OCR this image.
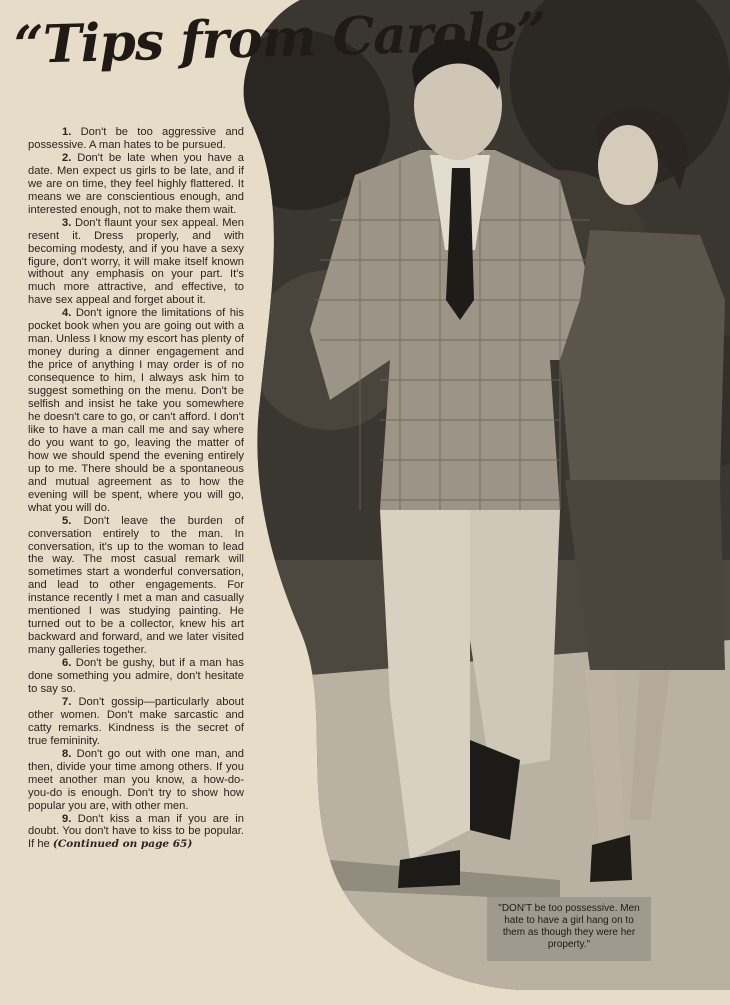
“Tips from Carole”

1. Don't be too aggressive and possessive. A man hates to be pursued.

2. Don't be late when you have a date. Men expect us girls to be late, and if we are on time, they feel highly flattered. It means we are conscientious enough, and interested enough, not to make them wait.

3. Don't flaunt your sex appeal. Men resent it. Dress properly, and with becoming modesty, and if you have a sexy figure, don't worry, it will make itself known without any emphasis on your part. It's much more attractive, and effective, to have sex appeal and forget about it.

4. Don't ignore the limitations of his pocket book when you are going out with a man. Unless I know my escort has plenty of money during a dinner engagement and the price of anything I may order is of no consequence to him, I always ask him to suggest something on the menu. Don't be selfish and insist he take you somewhere he doesn't care to go, or can't afford. I don't like to have a man call me and say where do you want to go, leaving the matter of how we should spend the evening entirely up to me. There should be a spontaneous and mutual agreement as to how the evening will be spent, where you will go, what you will do.

5. Don't leave the burden of conversation entirely to the man. In conversation, it's up to the woman to lead the way. The most casual remark will sometimes start a wonderful conversation, and lead to other engagements. For instance recently I met a man and casually mentioned I was studying painting. He turned out to be a collector, knew his art backward and forward, and we later visited many galleries together.

6. Don't be gushy, but if a man has done something you admire, don't hesitate to say so.

7. Don't gossip—particularly about other women. Don't make sarcastic and catty remarks. Kindness is the secret of true femininity.

8. Don't go out with one man, and then, divide your time among others. If you meet another man you know, a how-do-you-do is enough. Don't try to show how popular you are, with other men.

9. Don't kiss a man if you are in doubt. You don't have to kiss to be popular. If he (Continued on page 65)

"DON'T be too possessive. Men hate to have a girl hang on to them as though they were her property."
